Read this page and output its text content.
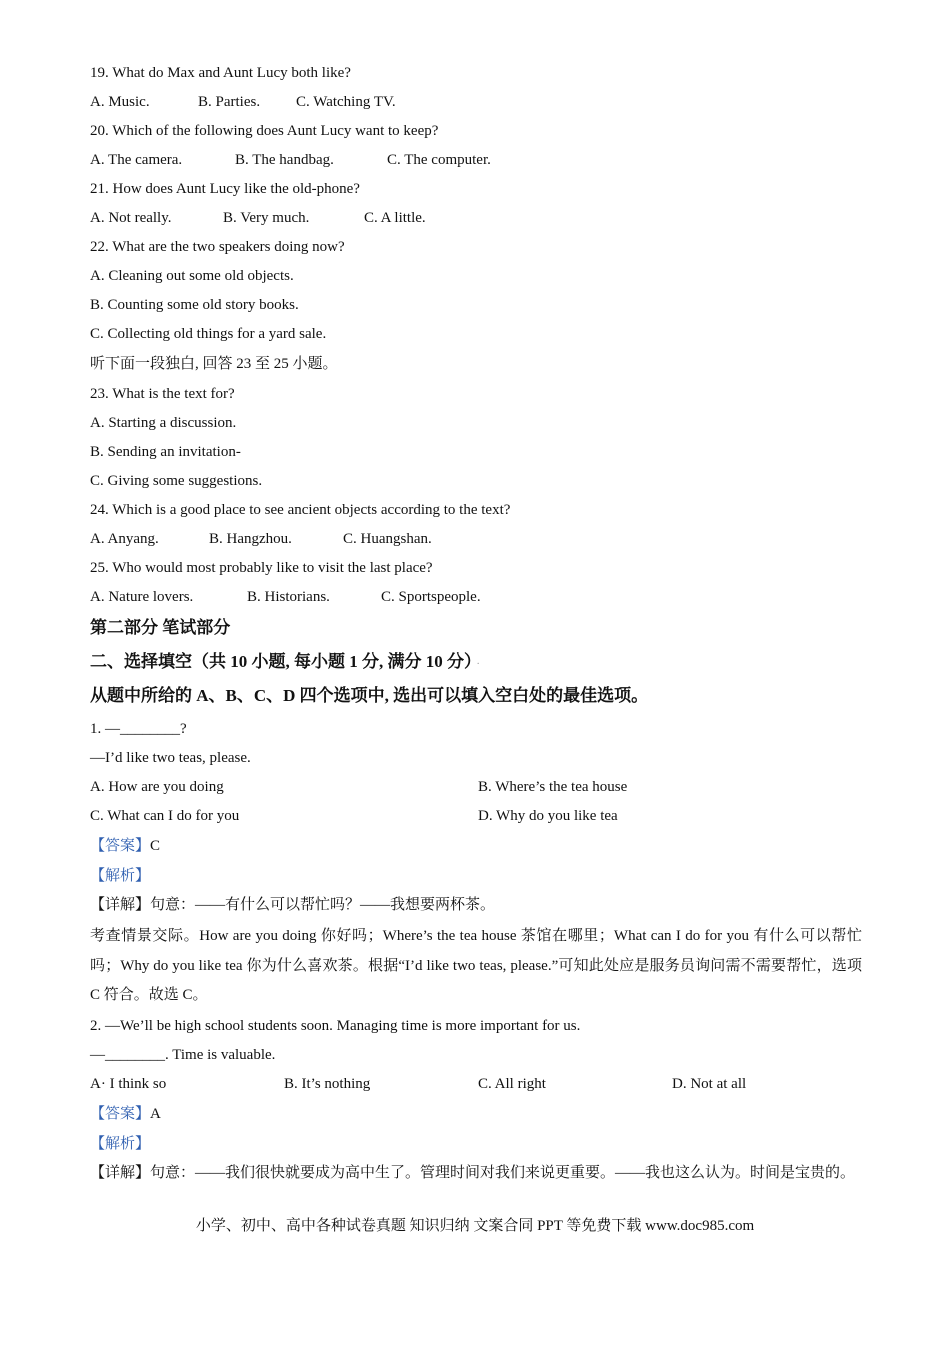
19. What do Max and Aunt Lucy both like?
A. Music.	B. Parties. C. Watching TV.
20. Which of the following does Aunt Lucy want to keep?
A. The camera.	B. The handbag.	C. The computer.
21. How does Aunt Lucy like the old-phone?
A. Not really.	B. Very much.	C. A little.
22. What are the two speakers doing now?
A. Cleaning out some old objects.
B. Counting some old story books.
C. Collecting old things for a yard sale.
听下面一段独白, 回答 23 至 25 小题。
23. What is the text for?
A. Starting a discussion.
B. Sending an invitation-
C. Giving some suggestions.
24. Which is a good place to see ancient objects according to the text?
A. Anyang.	B. Hangzhou.	C. Huangshan.
25. Who would most probably like to visit the last place?
A. Nature lovers.	B. Historians.	C. Sportspeople.
第二部分 笔试部分
二、选择填空（共 10 小题, 每小题 1 分, 满分 10 分） ·
从题中所给的 A、B、C、D 四个选项中, 选出可以填入空白处的最佳选项。
1. —________?
—I’d like two teas, please.
A. How are you doing	B. Where’s the tea house
C. What can I do for you	D. Why do you like tea
【答案】C
【解析】
【详解】句意：——有什么可以帮忙吗？——我想要两杯茶。
考查情景交际。How are you doing 你好吗；Where’s the tea house 茶馆在哪里；What can I do for you 有什么可以帮忙吗；Why do you like tea 你为什么喜欢茶。根据“I’d like two teas, please.”可知此处应是服务员询问需不需要帮忙，选项 C 符合。故选 C。
2. —We’ll be high school students soon. Managing time is more important for us.
—________. Time is valuable.
A· I think so	B. It’s nothing	C. All right	D. Not at all
【答案】A
【解析】
【详解】句意：——我们很快就要成为高中生了。管理时间对我们来说更重要。——我也这么认为。时间是宝贵的。
小学、初中、高中各种试卷真题 知识归纳 文案合同 PPT 等免费下载 www.doc985.com
